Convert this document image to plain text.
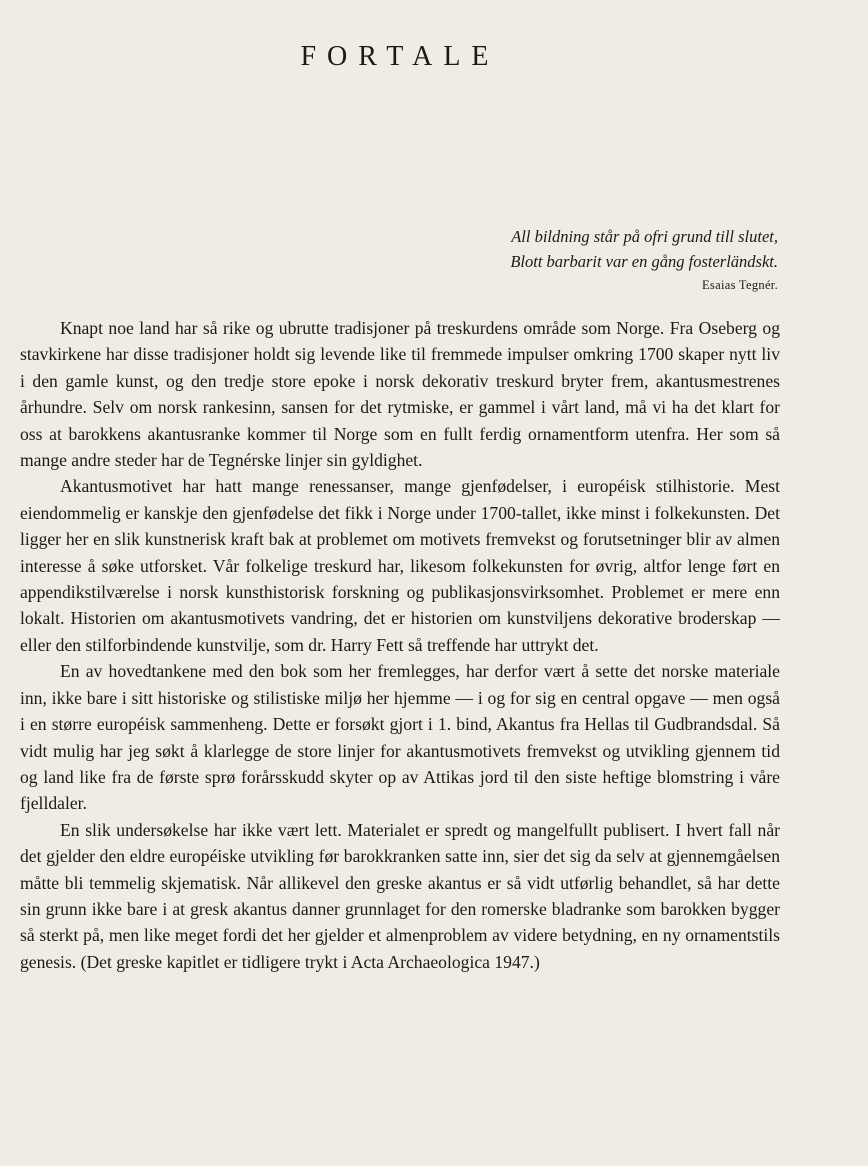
FORTALE
All bildning står på ofri grund till slutet,
Blott barbarit var en gång fosterländskt.
Esaias Tegnér.

Knapt noe land har så rike og ubrutte tradisjoner på treskurdens område som Norge. Fra Oseberg og stavkirkene har disse tradisjoner holdt sig levende like til fremmede impulser omkring 1700 skaper nytt liv i den gamle kunst, og den tredje store epoke i norsk dekorativ treskurd bryter frem, akantusmestrenes århundre. Selv om norsk rankesinn, sansen for det rytmiske, er gammel i vårt land, må vi ha det klart for oss at barokkens akantusranke kommer til Norge som en fullt ferdig ornamentform utenfra. Her som så mange andre steder har de Tegnérske linjer sin gyldighet.

Akantusmotivet har hatt mange renessanser, mange gjenfødelser, i européisk stilhistorie. Mest eiendommelig er kanskje den gjenfødelse det fikk i Norge under 1700-tallet, ikke minst i folkekunsten. Det ligger her en slik kunstnerisk kraft bak at problemet om motivets fremvekst og forutsetninger blir av almen interesse å søke utforsket. Vår folkelige treskurd har, likesom folkekunsten for øvrig, altfor lenge ført en appendikstilværelse i norsk kunsthistorisk forskning og publikasjonsvirksomhet. Problemet er mere enn lokalt. Historien om akantusmotivets vandring, det er historien om kunstviljens dekorative broderskap — eller den stilforbindende kunstvilje, som dr. Harry Fett så treffende har uttrykt det.

En av hovedtankene med den bok som her fremlegges, har derfor vært å sette det norske materiale inn, ikke bare i sitt historiske og stilistiske miljø her hjemme — i og for sig en central opgave — men også i en større européisk sammenheng. Dette er forsøkt gjort i 1. bind, Akantus fra Hellas til Gudbrandsdal. Så vidt mulig har jeg søkt å klarlegge de store linjer for akantusmotivets fremvekst og utvikling gjennem tid og land like fra de første sprø forårsskudd skyter op av Attikas jord til den siste heftige blomstring i våre fjelldaler.

En slik undersøkelse har ikke vært lett. Materialet er spredt og mangelfullt publisert. I hvert fall når det gjelder den eldre européiske utvikling før barokkranken satte inn, sier det sig da selv at gjennemgåelsen måtte bli temmelig skjematisk. Når allikevel den greske akantus er så vidt utførlig behandlet, så har dette sin grunn ikke bare i at gresk akantus danner grunnlaget for den romerske bladranke som barokken bygger så sterkt på, men like meget fordi det her gjelder et almenproblem av videre betydning, en ny ornamentstils genesis. (Det greske kapitlet er tidligere trykt i Acta Archaeologica 1947.)
